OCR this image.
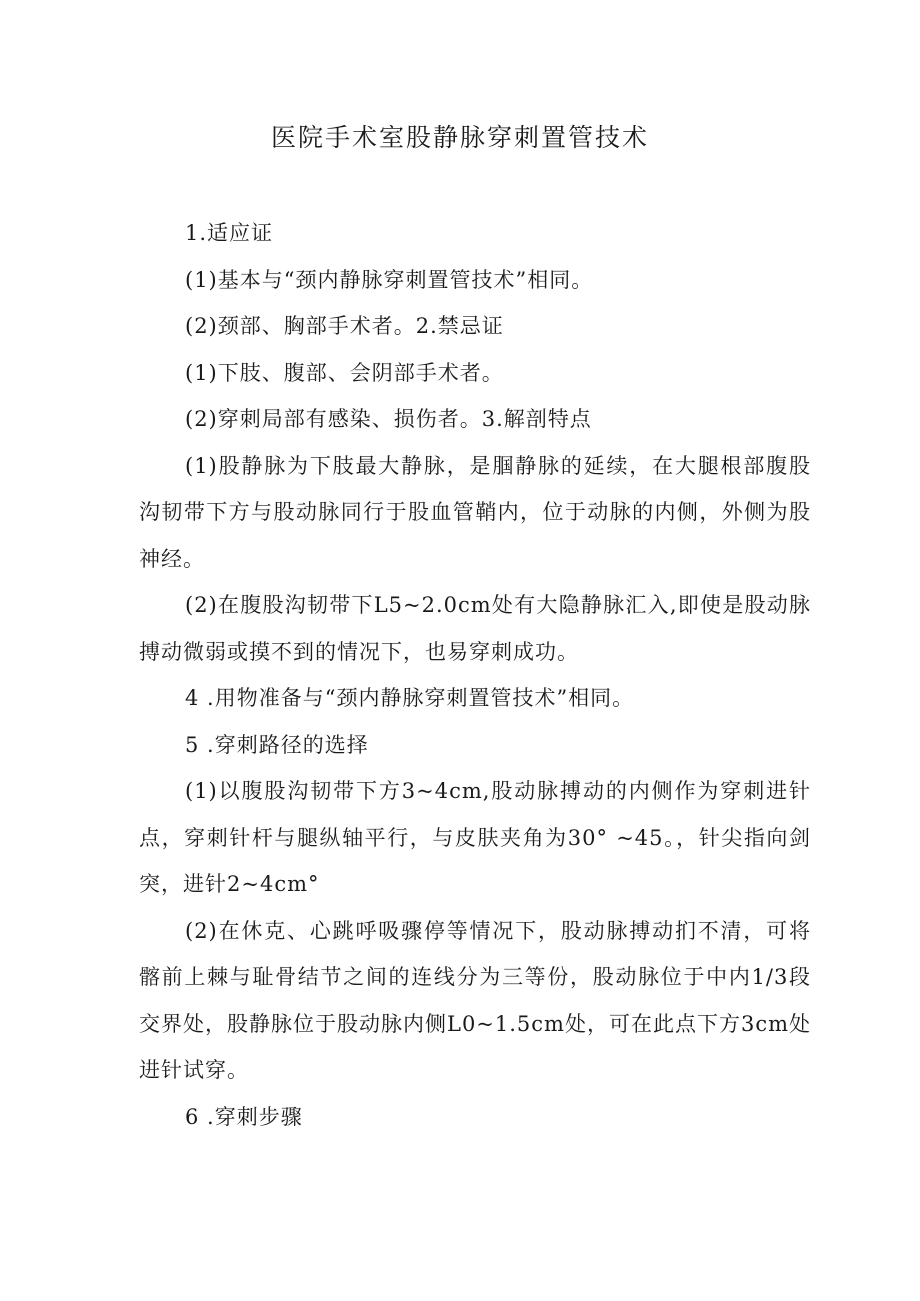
医院手术室股静脉穿刺置管技术

1.适应证

(1)基本与“颈内静脉穿刺置管技术”相同。

(2)颈部、胸部手术者。2.禁忌证

(1)下肢、腹部、会阴部手术者。

(2)穿刺局部有感染、损伤者。3.解剖特点

(1)股静脉为下肢最大静脉，是腘静脉的延续，在大腿根部腹股沟韧带下方与股动脉同行于股血管鞘内，位于动脉的内侧，外侧为股神经。

(2)在腹股沟韧带下L5~2.0cm处有大隐静脉汇入,即使是股动脉搏动微弱或摸不到的情况下，也易穿刺成功。

4 .用物准备与“颈内静脉穿刺置管技术”相同。

5 .穿刺路径的选择

(1)以腹股沟韧带下方3~4cm,股动脉搏动的内侧作为穿刺进针点，穿刺针杆与腿纵轴平行，与皮肤夹角为30° ~45。，针尖指向剑突，进针2~4cm°

(2)在休克、心跳呼吸骤停等情况下，股动脉搏动扪不清，可将髂前上棘与耻骨结节之间的连线分为三等份，股动脉位于中内1/3段交界处，股静脉位于股动脉内侧L0~1.5cm处，可在此点下方3cm处进针试穿。

6 .穿刺步骤
